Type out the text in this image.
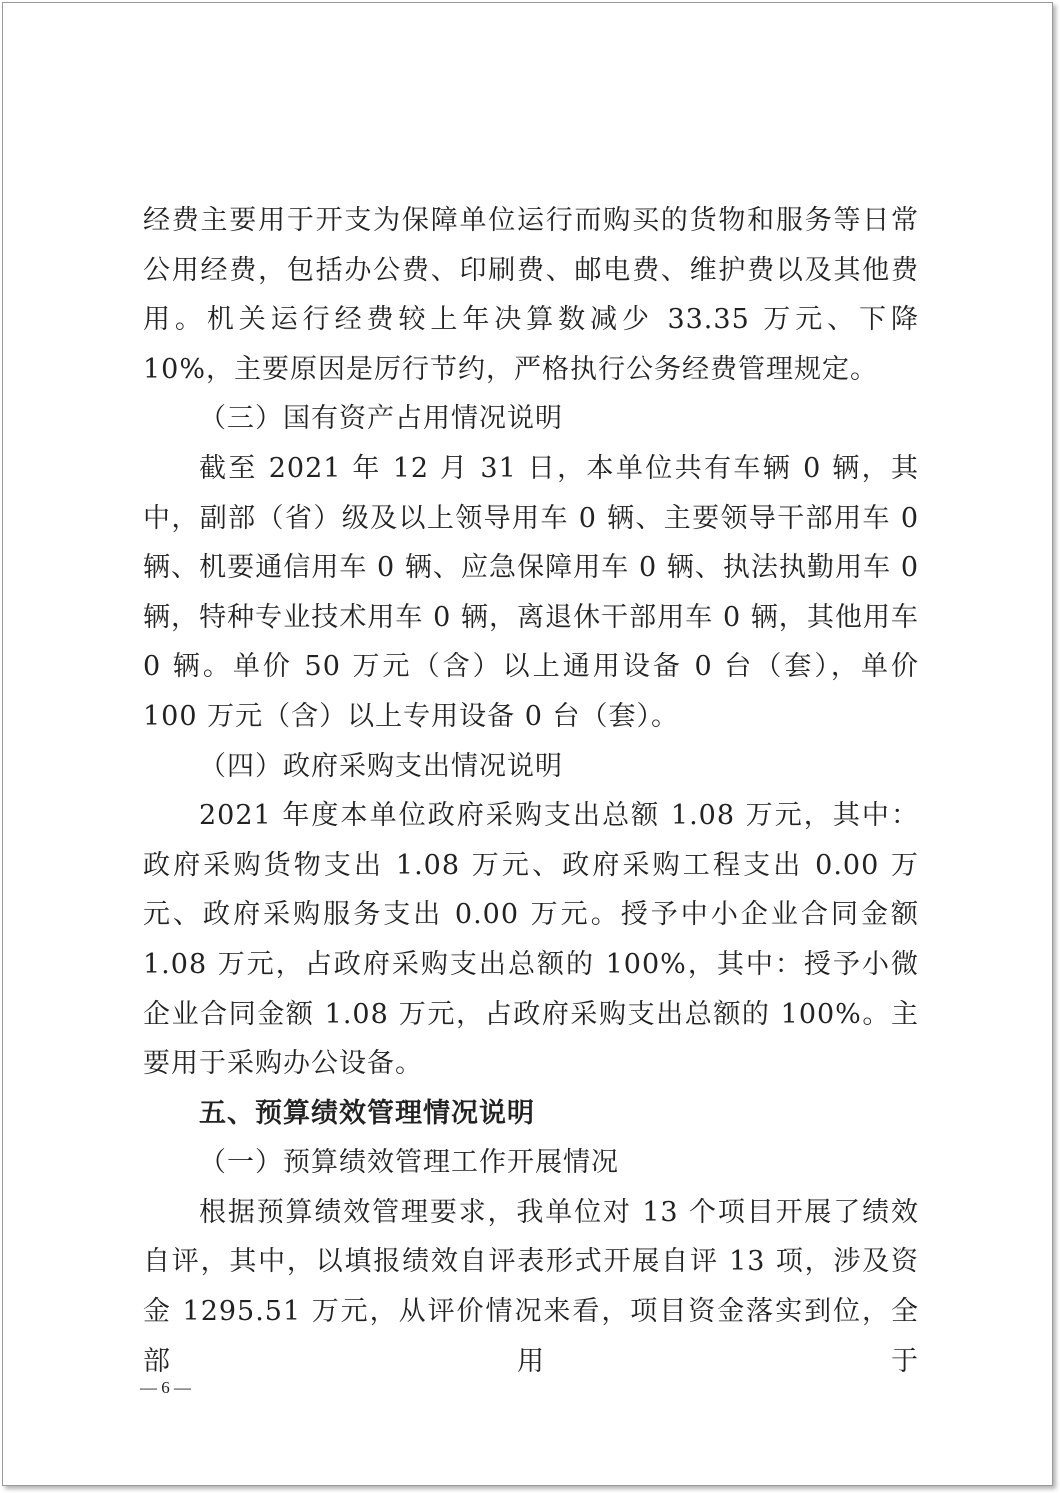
经费主要用于开支为保障单位运行而购买的货物和服务等日常公用经费，包括办公费、印刷费、邮电费、维护费以及其他费用。机关运行经费较上年决算数减少 33.35 万元、下降 10%，主要原因是厉行节约，严格执行公务经费管理规定。

（三）国有资产占用情况说明

截至 2021 年 12 月 31 日，本单位共有车辆 0 辆，其中，副部（省）级及以上领导用车 0 辆、主要领导干部用车 0 辆、机要通信用车 0 辆、应急保障用车 0 辆、执法执勤用车 0 辆，特种专业技术用车 0 辆，离退休干部用车 0 辆，其他用车 0 辆。单价 50 万元（含）以上通用设备 0 台（套），单价 100 万元（含）以上专用设备 0 台（套）。

（四）政府采购支出情况说明

2021 年度本单位政府采购支出总额 1.08 万元，其中：政府采购货物支出 1.08 万元、政府采购工程支出 0.00 万元、政府采购服务支出 0.00 万元。授予中小企业合同金额 1.08 万元，占政府采购支出总额的 100%，其中：授予小微企业合同金额 1.08 万元，占政府采购支出总额的 100%。主要用于采购办公设备。

五、预算绩效管理情况说明

（一）预算绩效管理工作开展情况

根据预算绩效管理要求，我单位对 13 个项目开展了绩效自评，其中，以填报绩效自评表形式开展自评 13 项，涉及资金 1295.51 万元，从评价情况来看，项目资金落实到位，全部用于

— 6 —
